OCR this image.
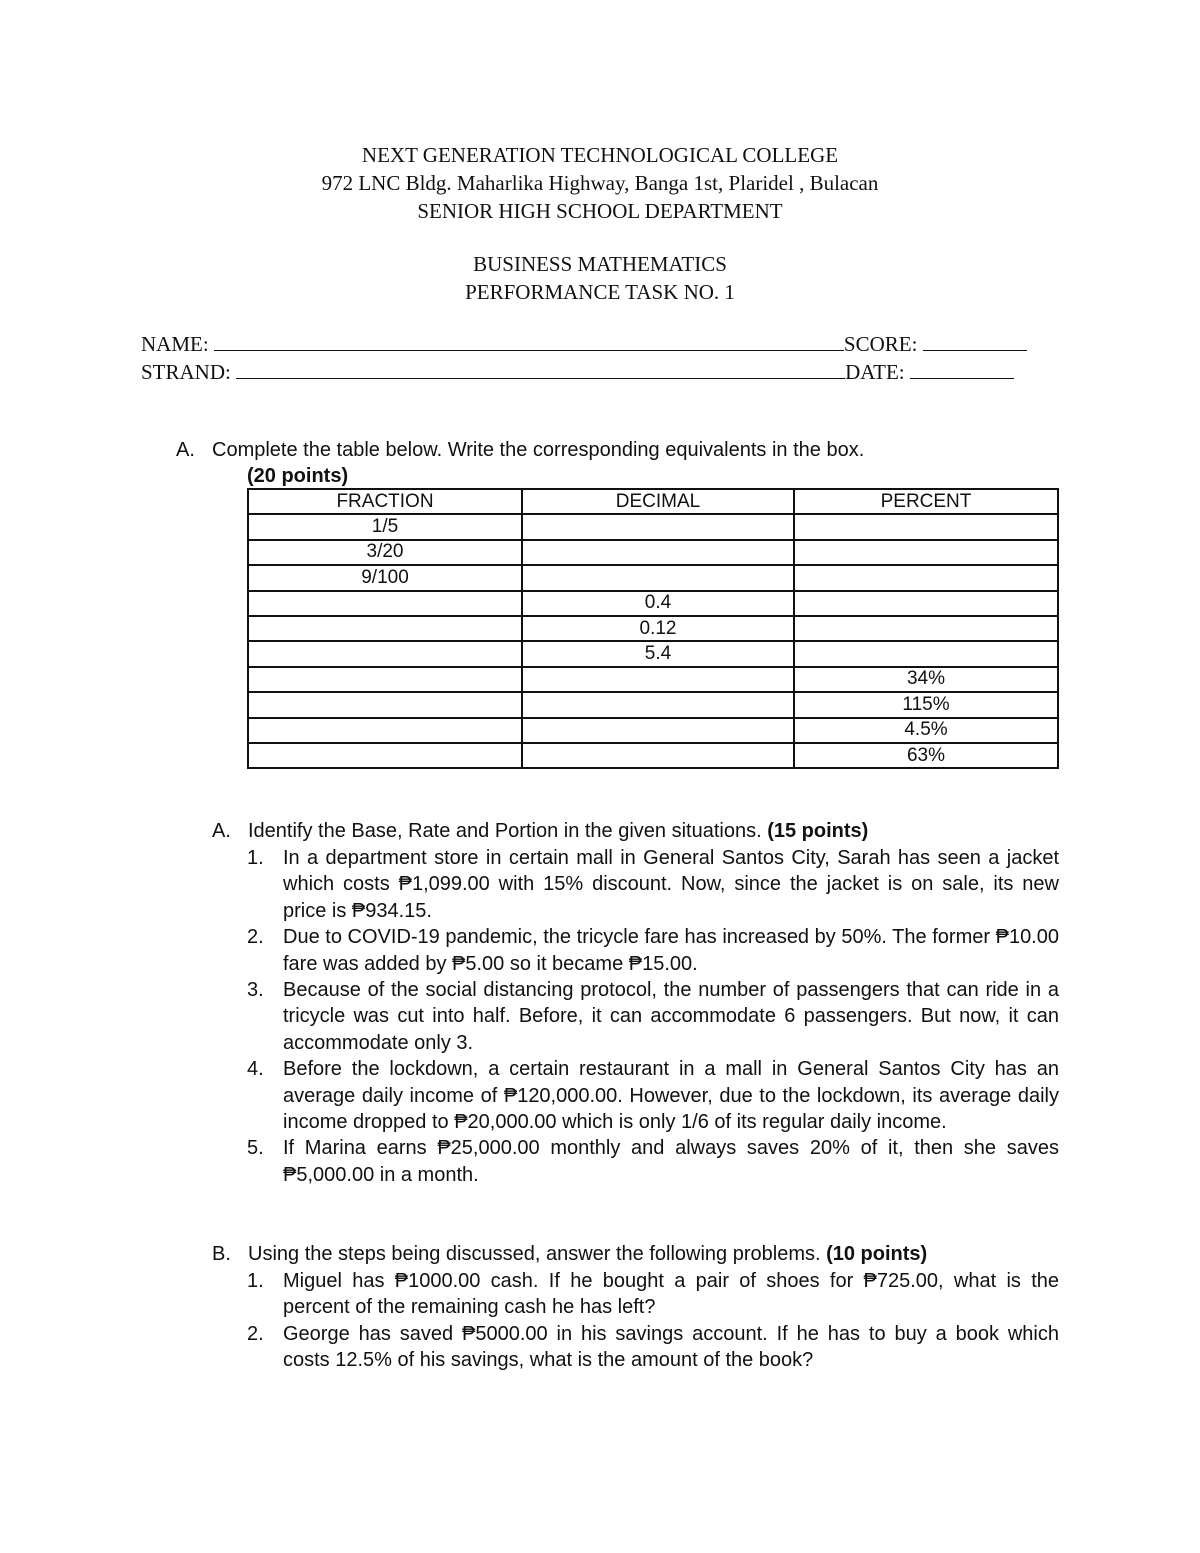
NEXT GENERATION TECHNOLOGICAL COLLEGE
972 LNC Bldg. Maharlika Highway, Banga 1st, Plaridel , Bulacan
SENIOR HIGH SCHOOL DEPARTMENT
BUSINESS MATHEMATICS
PERFORMANCE TASK NO. 1
NAME:	SCORE:
STRAND:	DATE:
A. Complete the table below. Write the corresponding equivalents in the box.
(20 points)
FRACTION	DECIMAL	PERCENT
1/5		
3/20		
9/100		
	0.4	
	0.12	
	5.4	
		34%
		115%
		4.5%
		63%
A. Identify the Base, Rate and Portion in the given situations. (15 points)
1. In a department store in certain mall in General Santos City, Sarah has seen a jacket which costs ₱1,099.00 with 15% discount. Now, since the jacket is on sale, its new price is ₱934.15.
2. Due to COVID-19 pandemic, the tricycle fare has increased by 50%. The former ₱10.00 fare was added by ₱5.00 so it became ₱15.00.
3. Because of the social distancing protocol, the number of passengers that can ride in a tricycle was cut into half. Before, it can accommodate 6 passengers. But now, it can accommodate only 3.
4. Before the lockdown, a certain restaurant in a mall in General Santos City has an average daily income of ₱120,000.00. However, due to the lockdown, its average daily income dropped to ₱20,000.00 which is only 1/6 of its regular daily income.
5. If Marina earns ₱25,000.00 monthly and always saves 20% of it, then she saves ₱5,000.00 in a month.
B. Using the steps being discussed, answer the following problems. (10 points)
1. Miguel has ₱1000.00 cash. If he bought a pair of shoes for ₱725.00, what is the percent of the remaining cash he has left?
2. George has saved ₱5000.00 in his savings account. If he has to buy a book which costs 12.5% of his savings, what is the amount of the book?
